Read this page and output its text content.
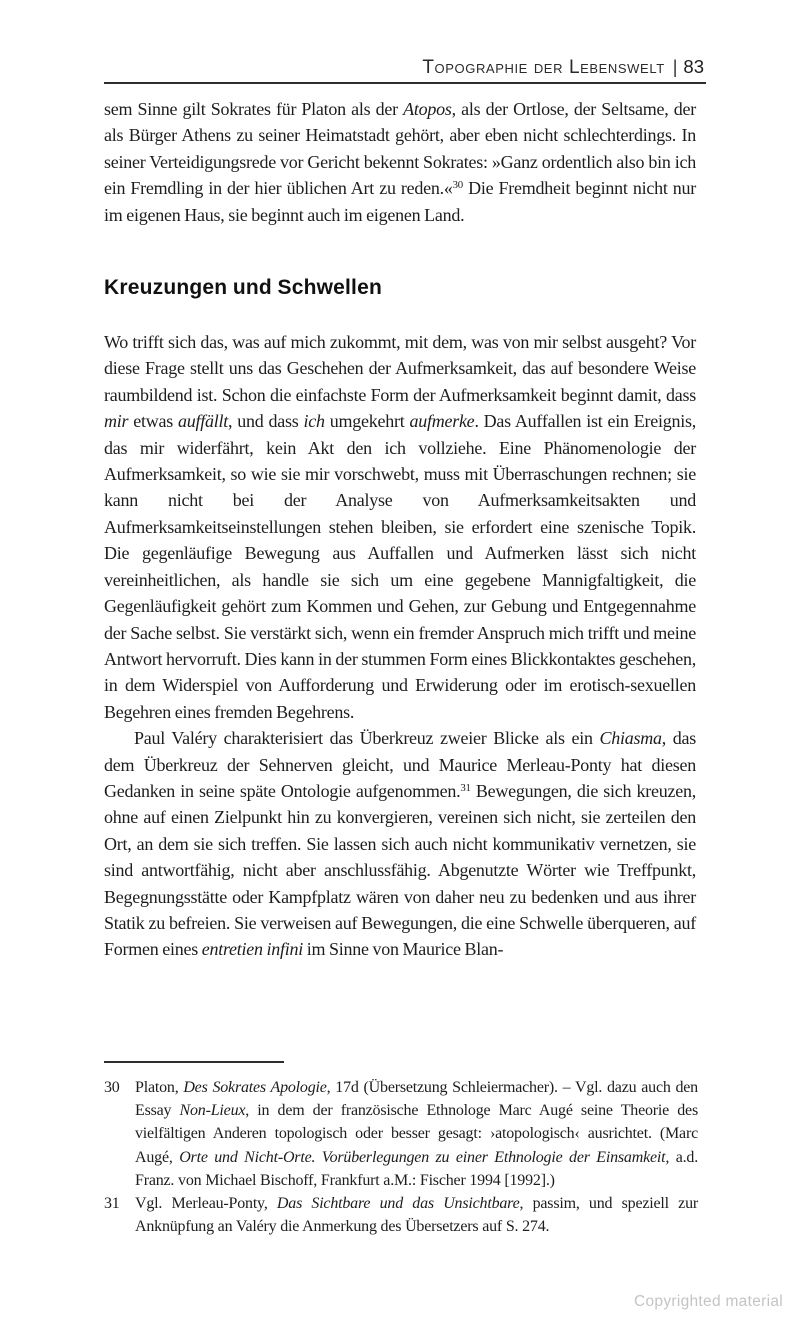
Topographie der Lebenswelt | 83

sem Sinne gilt Sokrates für Platon als der Atopos, als der Ortlose, der Seltsame, der als Bürger Athens zu seiner Heimatstadt gehört, aber eben nicht schlechterdings. In seiner Verteidigungsrede vor Gericht bekennt Sokrates: »Ganz ordentlich also bin ich ein Fremdling in der hier üblichen Art zu reden.«$^{30}$ Die Fremdheit beginnt nicht nur im eigenen Haus, sie beginnt auch im eigenen Land.

Kreuzungen und Schwellen

Wo trifft sich das, was auf mich zukommt, mit dem, was von mir selbst ausgeht? Vor diese Frage stellt uns das Geschehen der Aufmerksamkeit, das auf besondere Weise raumbildend ist. Schon die einfachste Form der Aufmerksamkeit beginnt damit, dass mir etwas auffällt, und dass ich umgekehrt aufmerke. Das Auffallen ist ein Ereignis, das mir widerfährt, kein Akt den ich vollziehe. Eine Phänomenologie der Aufmerksamkeit, so wie sie mir vorschwebt, muss mit Überraschungen rechnen; sie kann nicht bei der Analyse von Aufmerksamkeitsakten und Aufmerksamkeitseinstellungen stehen bleiben, sie erfordert eine szenische Topik. Die gegenläufige Bewegung aus Auffallen und Aufmerken lässt sich nicht vereinheitlichen, als handle sie sich um eine gegebene Mannigfaltigkeit, die Gegenläufigkeit gehört zum Kommen und Gehen, zur Gebung und Entgegennahme der Sache selbst. Sie verstärkt sich, wenn ein fremder Anspruch mich trifft und meine Antwort hervorruft. Dies kann in der stummen Form eines Blickkontaktes geschehen, in dem Widerspiel von Aufforderung und Erwiderung oder im erotisch-sexuellen Begehren eines fremden Begehrens.

Paul Valéry charakterisiert das Überkreuz zweier Blicke als ein Chiasma, das dem Überkreuz der Sehnerven gleicht, und Maurice Merleau-Ponty hat diesen Gedanken in seine späte Ontologie aufgenommen.$^{31}$ Bewegungen, die sich kreuzen, ohne auf einen Zielpunkt hin zu konvergieren, vereinen sich nicht, sie zerteilen den Ort, an dem sie sich treffen. Sie lassen sich auch nicht kommunikativ vernetzen, sie sind antwortfähig, nicht aber anschlussfähig. Abgenutzte Wörter wie Treffpunkt, Begegnungsstätte oder Kampfplatz wären von daher neu zu bedenken und aus ihrer Statik zu befreien. Sie verweisen auf Bewegungen, die eine Schwelle überqueren, auf Formen eines entretien infini im Sinne von Maurice Blan-

30 Platon, Des Sokrates Apologie, 17d (Übersetzung Schleiermacher). – Vgl. dazu auch den Essay Non-Lieux, in dem der französische Ethnologe Marc Augé seine Theorie des vielfältigen Anderen topologisch oder besser gesagt: ›atopologisch‹ ausrichtet. (Marc Augé, Orte und Nicht-Orte. Vorüberlegungen zu einer Ethnologie der Einsamkeit, a.d. Franz. von Michael Bischoff, Frankfurt a.M.: Fischer 1994 [1992].)
31 Vgl. Merleau-Ponty, Das Sichtbare und das Unsichtbare, passim, und speziell zur Anknüpfung an Valéry die Anmerkung des Übersetzers auf S. 274.
Copyrighted material
